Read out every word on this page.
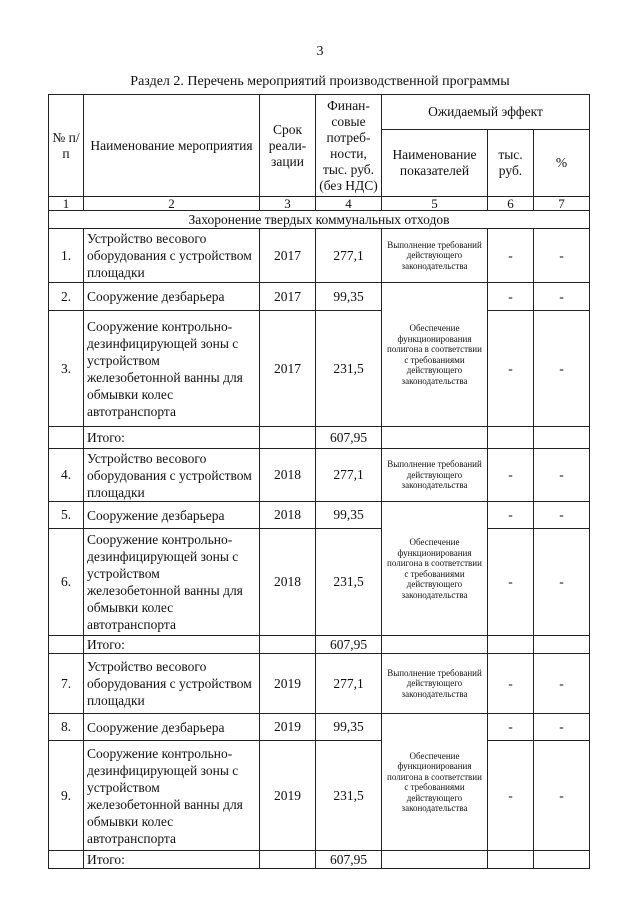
3
Раздел 2. Перечень мероприятий производственной программы
№ п/п	Наименование мероприятия	Срок реали- зации	Финан- совые потреб- ности, тыс. руб. (без НДС)	Ожидаемый эффект		
				Наименование показателей	тыс. руб.	%
1	2	3	4	5	6	7
Захоронение твердых коммунальных отходов						
1.	Устройство весового оборудования с устройством площадки	2017	277,1	Выполнение требований действующего законодательства	-	-
2.	Сооружение дезбарьера	2017	99,35	Обеспечение функционирования полигона в соответствии с требованиями действующего законодательства	-	-
3.	Сооружение контрольно-дезинфицирующей зоны с устройством железобетонной ванны для обмывки колес автотранспорта	2017	231,5		-	-
	Итого:		607,95			
4.	Устройство весового оборудования с устройством площадки	2018	277,1	Выполнение требований действующего законодательства	-	-
5.	Сооружение дезбарьера	2018	99,35	Обеспечение функционирования полигона в соответствии с требованиями действующего законодательства	-	-
6.	Сооружение контрольно-дезинфицирующей зоны с устройством железобетонной ванны для обмывки колес автотранспорта	2018	231,5		-	-
	Итого:		607,95			
7.	Устройство весового оборудования с устройством площадки	2019	277,1	Выполнение требований действующего законодательства	-	-
8.	Сооружение дезбарьера	2019	99,35	Обеспечение функционирования полигона в соответствии с требованиями действующего законодательства	-	-
9.	Сооружение контрольно-дезинфицирующей зоны с устройством железобетонной ванны для обмывки колес автотранспорта	2019	231,5		-	-
	Итого:		607,95			
